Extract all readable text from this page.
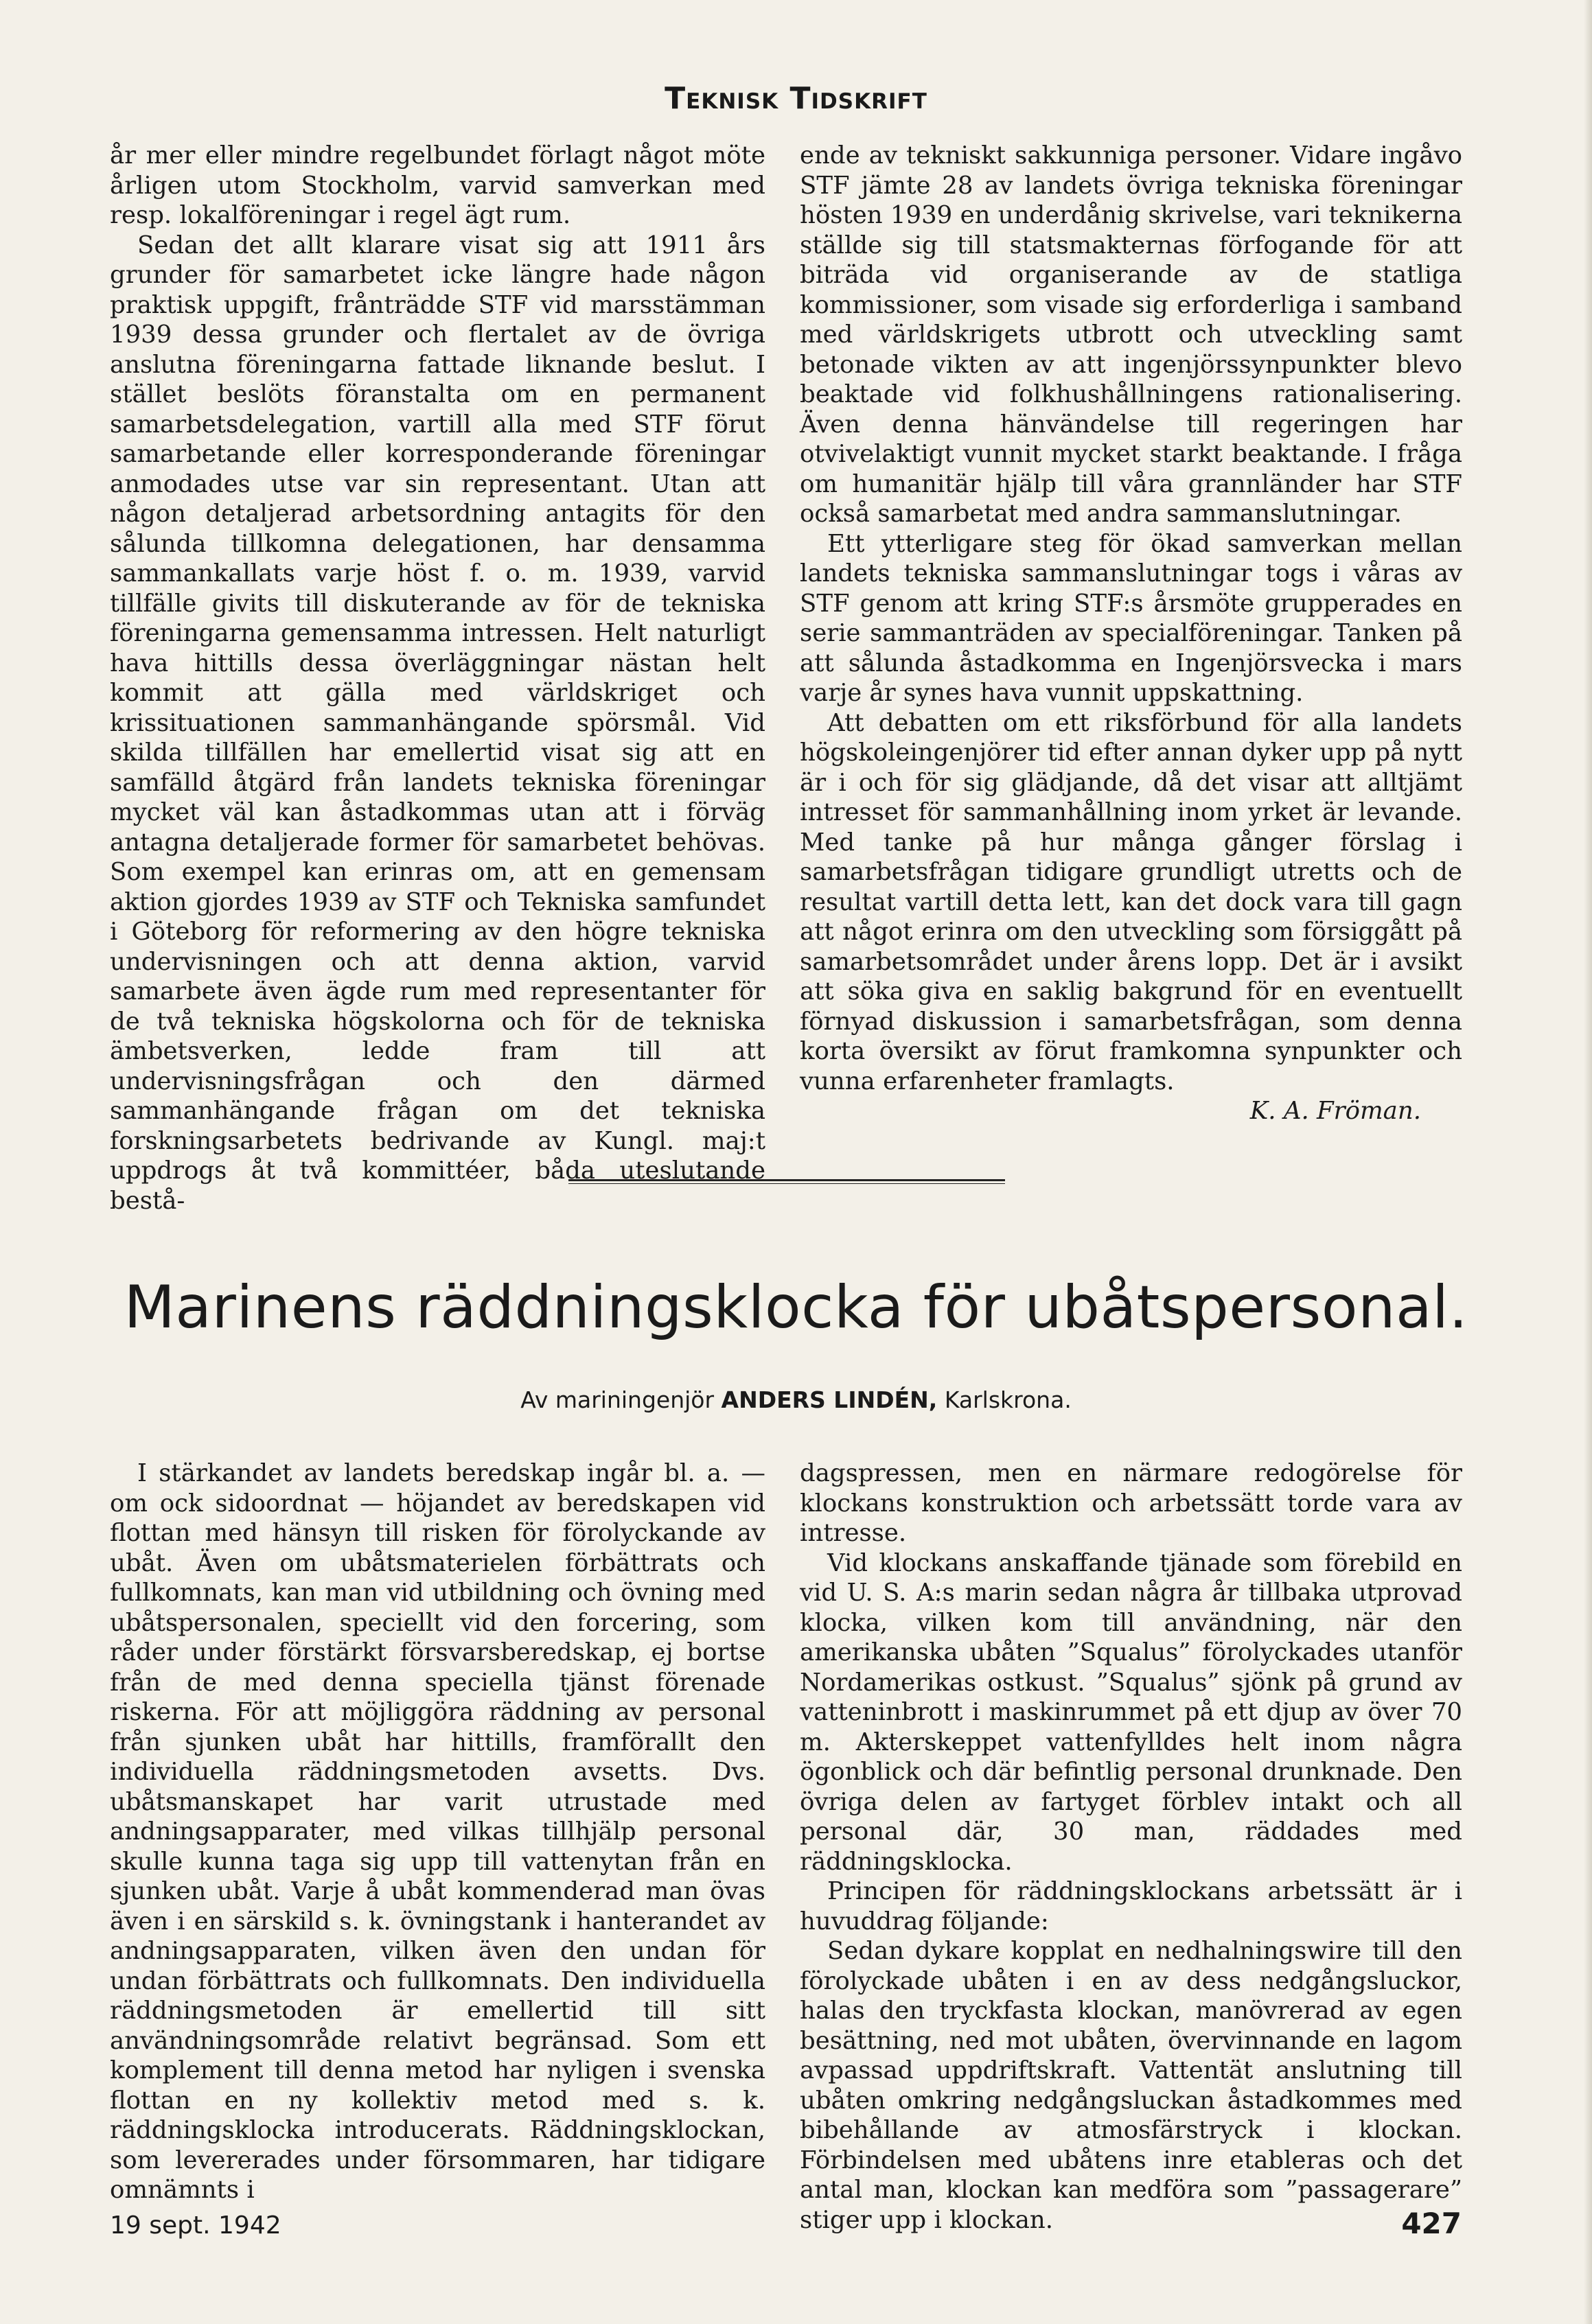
Teknisk Tidskrift

år mer eller mindre regelbundet förlagt något möte årligen utom Stockholm, varvid samverkan med resp. lokalföreningar i regel ägt rum.

Sedan det allt klarare visat sig att 1911 års grunder för samarbetet icke längre hade någon praktisk uppgift, frånträdde STF vid marsstämman 1939 dessa grunder och flertalet av de övriga anslutna föreningarna fattade liknande beslut. I stället beslöts föranstalta om en permanent samarbetsdelegation, vartill alla med STF förut samarbetande eller korresponderande föreningar anmodades utse var sin representant. Utan att någon detaljerad arbetsordning antagits för den sålunda tillkomna delegationen, har densamma sammankallats varje höst f. o. m. 1939, varvid tillfälle givits till diskuterande av för de tekniska föreningarna gemensamma intressen. Helt naturligt hava hittills dessa överläggningar nästan helt kommit att gälla med världskriget och krissituationen sammanhängande spörsmål. Vid skilda tillfällen har emellertid visat sig att en samfälld åtgärd från landets tekniska föreningar mycket väl kan åstadkommas utan att i förväg antagna detaljerade former för samarbetet behövas. Som exempel kan erinras om, att en gemensam aktion gjordes 1939 av STF och Tekniska samfundet i Göteborg för reformering av den högre tekniska undervisningen och att denna aktion, varvid samarbete även ägde rum med representanter för de två tekniska högskolorna och för de tekniska ämbetsverken, ledde fram till att undervisningsfrågan och den därmed sammanhängande frågan om det tekniska forskningsarbetets bedrivande av Kungl. maj:t uppdrogs åt två kommittéer, båda uteslutande bestå-

ende av tekniskt sakkunniga personer. Vidare ingåvo STF jämte 28 av landets övriga tekniska föreningar hösten 1939 en underdånig skrivelse, vari teknikerna ställde sig till statsmakternas förfogande för att biträda vid organiserande av de statliga kommissioner, som visade sig erforderliga i samband med världskrigets utbrott och utveckling samt betonade vikten av att ingenjörssynpunkter blevo beaktade vid folkhushållningens rationalisering. Även denna hänvändelse till regeringen har otvivelaktigt vunnit mycket starkt beaktande. I fråga om humanitär hjälp till våra grannländer har STF också samarbetat med andra sammanslutningar.

Ett ytterligare steg för ökad samverkan mellan landets tekniska sammanslutningar togs i våras av STF genom att kring STF:s årsmöte grupperades en serie sammanträden av specialföreningar. Tanken på att sålunda åstadkomma en Ingenjörsvecka i mars varje år synes hava vunnit uppskattning.

Att debatten om ett riksförbund för alla landets högskoleingenjörer tid efter annan dyker upp på nytt är i och för sig glädjande, då det visar att alltjämt intresset för sammanhållning inom yrket är levande. Med tanke på hur många gånger förslag i samarbetsfrågan tidigare grundligt utretts och de resultat vartill detta lett, kan det dock vara till gagn att något erinra om den utveckling som försiggått på samarbetsområdet under årens lopp. Det är i avsikt att söka giva en saklig bakgrund för en eventuellt förnyad diskussion i samarbetsfrågan, som denna korta översikt av förut framkomna synpunkter och vunna erfarenheter framlagts.

K. A. Fröman.

Marinens räddningsklocka för ubåtspersonal.
Av mariningenjör ANDERS LINDÉN, Karlskrona.

I stärkandet av landets beredskap ingår bl. a. — om ock sidoordnat — höjandet av beredskapen vid flottan med hänsyn till risken för förolyckande av ubåt. Även om ubåtsmaterielen förbättrats och fullkomnats, kan man vid utbildning och övning med ubåtspersonalen, speciellt vid den forcering, som råder under förstärkt försvarsberedskap, ej bortse från de med denna speciella tjänst förenade riskerna. För att möjliggöra räddning av personal från sjunken ubåt har hittills, framförallt den individuella räddningsmetoden avsetts. Dvs. ubåtsmanskapet har varit utrustade med andningsapparater, med vilkas tillhjälp personal skulle kunna taga sig upp till vattenytan från en sjunken ubåt. Varje å ubåt kommenderad man övas även i en särskild s. k. övningstank i hanterandet av andningsapparaten, vilken även den undan för undan förbättrats och fullkomnats. Den individuella räddningsmetoden är emellertid till sitt användningsområde relativt begränsad. Som ett komplement till denna metod har nyligen i svenska flottan en ny kollektiv metod med s. k. räddningsklocka introducerats. Räddningsklockan, som levererades under försommaren, har tidigare omnämnts i

dagspressen, men en närmare redogörelse för klockans konstruktion och arbetssätt torde vara av intresse.

Vid klockans anskaffande tjänade som förebild en vid U. S. A:s marin sedan några år tillbaka utprovad klocka, vilken kom till användning, när den amerikanska ubåten ”Squalus” förolyckades utanför Nordamerikas ostkust. ”Squalus” sjönk på grund av vatteninbrott i maskinrummet på ett djup av över 70 m. Akterskeppet vattenfylldes helt inom några ögonblick och där befintlig personal drunknade. Den övriga delen av fartyget förblev intakt och all personal där, 30 man, räddades med räddningsklocka.

Principen för räddningsklockans arbetssätt är i huvuddrag följande:

Sedan dykare kopplat en nedhalningswire till den förolyckade ubåten i en av dess nedgångsluckor, halas den tryckfasta klockan, manövrerad av egen besättning, ned mot ubåten, övervinnande en lagom avpassad uppdriftskraft. Vattentät anslutning till ubåten omkring nedgångsluckan åstadkommes med bibehållande av atmosfärstryck i klockan. Förbindelsen med ubåtens inre etableras och det antal man, klockan kan medföra som ”passagerare” stiger upp i klockan.

19 sept. 1942	427
